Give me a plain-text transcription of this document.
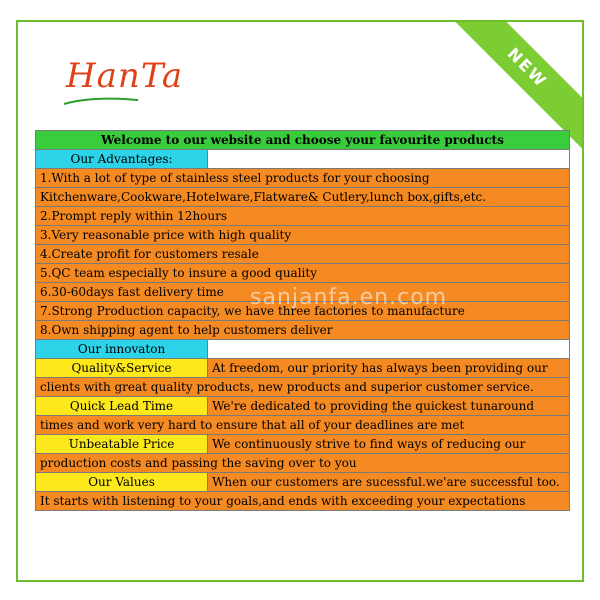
HanTa	NEW
Welcome to our website and choose your favourite products	
Our Advantages:	
1.With a lot of type of stainless steel products for your choosing	
Kitchenware,Cookware,Hotelware,Flatware& Cutlery,lunch box,gifts,etc.	
2.Prompt reply within 12hours	
3.Very reasonable price with high quality	
4.Create profit for customers resale	
5.QC team especially to insure a good quality	
6.30-60days fast delivery time	
7.Strong Production capacity, we have three factories to manufacture	
8.Own shipping agent to help customers deliver	
Our innovaton	
Quality&Service	At freedom, our priority has always been providing our
clients with great quality products, new products and superior customer service.	
Quick Lead Time	We're dedicated to providing the quickest tunaround
times and work very hard to ensure that all of your deadlines are met	
Unbeatable Price	We continuously strive to find ways of reducing our
production costs and passing the saving over to you	
Our Values	When our customers are sucessful.we'are successful too.
It starts with listening to your goals,and ends with exceeding your expectations	
sanjanfa.en.com
